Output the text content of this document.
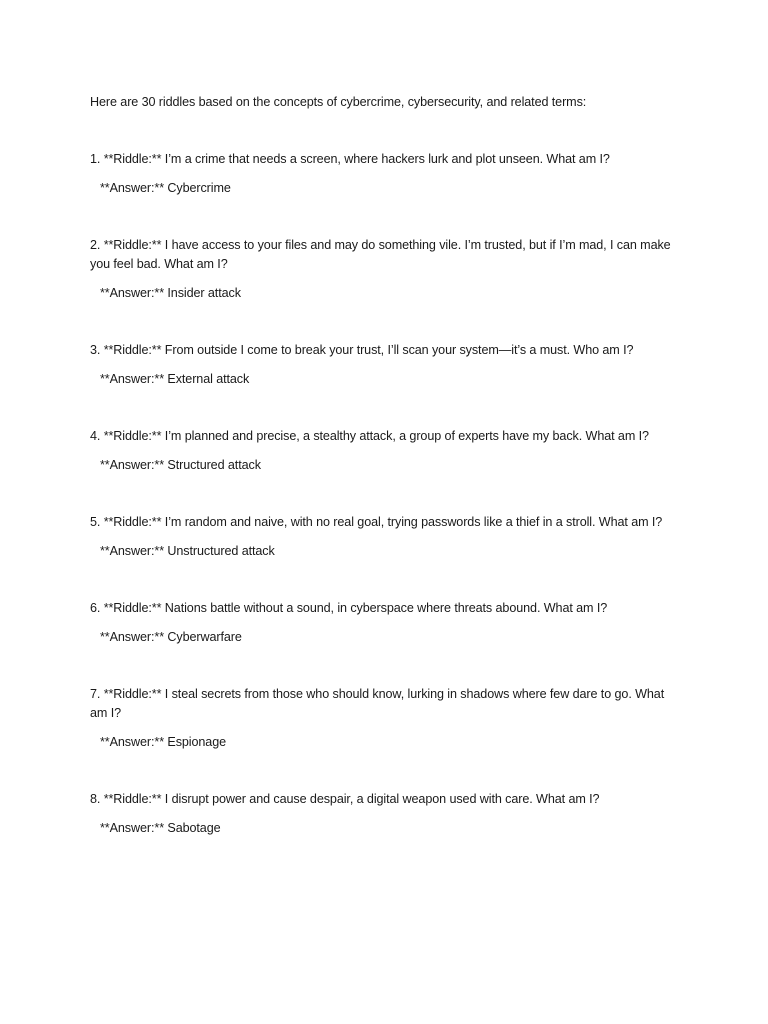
Here are 30 riddles based on the concepts of cybercrime, cybersecurity, and related terms:

1. **Riddle:** I’m a crime that needs a screen, where hackers lurk and plot unseen. What am I?

**Answer:** Cybercrime

2. **Riddle:** I have access to your files and may do something vile. I’m trusted, but if I’m mad, I can make you feel bad. What am I?

**Answer:** Insider attack

3. **Riddle:** From outside I come to break your trust, I’ll scan your system—it’s a must. Who am I?

**Answer:** External attack

4. **Riddle:** I’m planned and precise, a stealthy attack, a group of experts have my back. What am I?

**Answer:** Structured attack

5. **Riddle:** I’m random and naive, with no real goal, trying passwords like a thief in a stroll. What am I?

**Answer:** Unstructured attack

6. **Riddle:** Nations battle without a sound, in cyberspace where threats abound. What am I?

**Answer:** Cyberwarfare

7. **Riddle:** I steal secrets from those who should know, lurking in shadows where few dare to go. What am I?

**Answer:** Espionage

8. **Riddle:** I disrupt power and cause despair, a digital weapon used with care. What am I?

**Answer:** Sabotage
